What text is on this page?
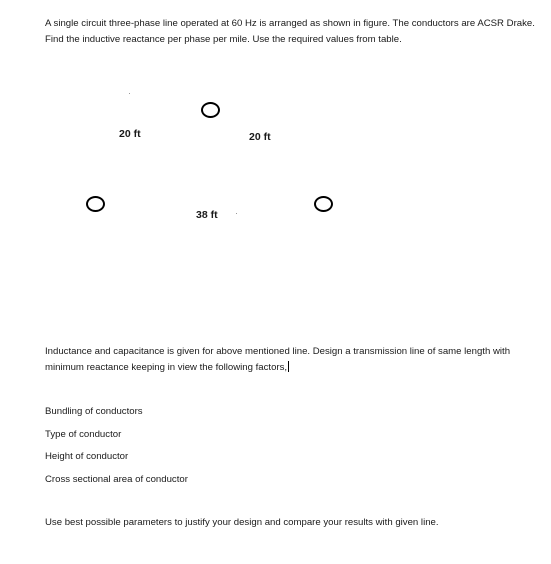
A single circuit three-phase line operated at 60 Hz is arranged as shown in figure. The conductors are ACSR Drake. Find the inductive reactance per phase per mile. Use the required values from table.
20 ft	20 ft
38 ft
Inductance and capacitance is given for above mentioned line. Design a transmission line of same length with minimum reactance keeping in view the following factors,
Bundling of conductors
Type of conductor
Height of conductor
Cross sectional area of conductor
Use best possible parameters to justify your design and compare your results with given line.
